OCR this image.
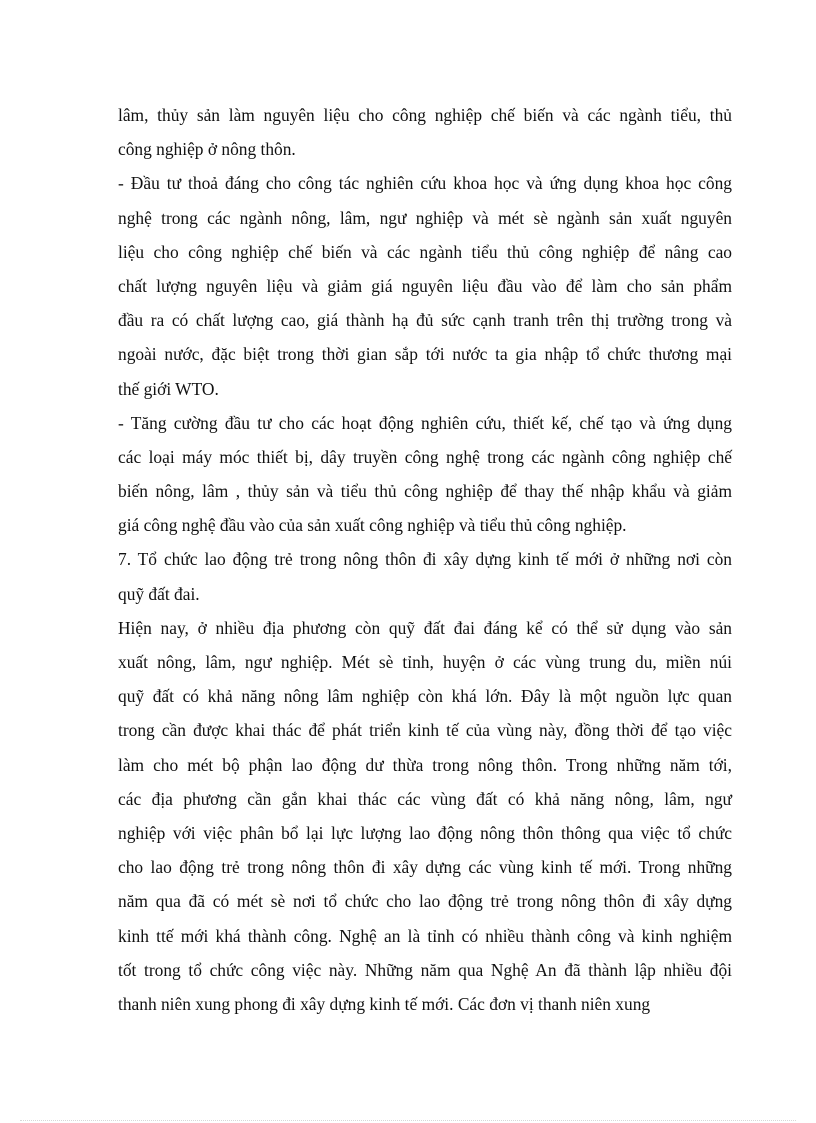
lâm, thủy sản làm nguyên liệu cho công nghiệp chế biến và các ngành tiểu, thủ
công nghiệp ở nông thôn.
- Đầu tư thoả đáng cho công tác nghiên cứu khoa học và ứng dụng khoa học công
nghệ trong các ngành nông, lâm, ngư nghiệp và mét sè ngành sản xuất nguyên
liệu cho công nghiệp chế biến và các ngành tiểu thủ công nghiệp để nâng cao
chất lượng nguyên liệu và giảm giá nguyên liệu đầu vào để làm cho sản phẩm
đầu ra có chất lượng cao, giá thành hạ đủ sức cạnh tranh trên thị trường trong và
ngoài nước, đặc biệt trong thời gian sắp tới nước ta gia nhập tổ chức thương mại
thế giới WTO.
- Tăng cường đầu tư cho các hoạt động nghiên cứu, thiết kế, chế tạo và ứng dụng
các loại máy móc thiết bị, dây truyền công nghệ trong các ngành công nghiệp chế
biến nông, lâm , thủy sản và tiểu thủ công nghiệp để thay thế nhập khẩu và giảm
giá công nghệ đầu vào của sản xuất công nghiệp và tiểu thủ công nghiệp.
7. Tổ chức lao động trẻ trong nông thôn đi xây dựng kinh tế mới ở những nơi còn
quỹ đất đai.
Hiện nay, ở nhiều địa phương còn quỹ đất đai đáng kể có thể sử dụng vào sản
xuất nông, lâm, ngư nghiệp. Mét sè tỉnh, huyện ở các vùng trung du, miền núi
quỹ đất có khả năng nông lâm nghiệp còn khá lớn. Đây là một nguồn lực quan
trong cần được khai thác để phát triển kinh tế của vùng này, đồng thời để tạo việc
làm cho mét bộ phận lao động dư thừa trong nông thôn. Trong những năm tới,
các địa phương cần gắn khai thác các vùng đất có khả năng nông, lâm, ngư
nghiệp với việc phân bổ lại lực lượng lao động nông thôn thông qua việc tổ chức
cho lao động trẻ trong nông thôn đi xây dựng các vùng kinh tế mới. Trong những
năm qua đã có mét sè nơi tổ chức cho lao động trẻ trong nông thôn đi xây dựng
kinh ttế mới khá thành công. Nghệ an là tỉnh có nhiều thành công và kinh nghiệm
tốt trong tổ chức công việc này. Những năm qua Nghệ An đã thành lập nhiều đội
thanh niên xung phong đi xây dựng kinh tế mới. Các đơn vị thanh niên xung
